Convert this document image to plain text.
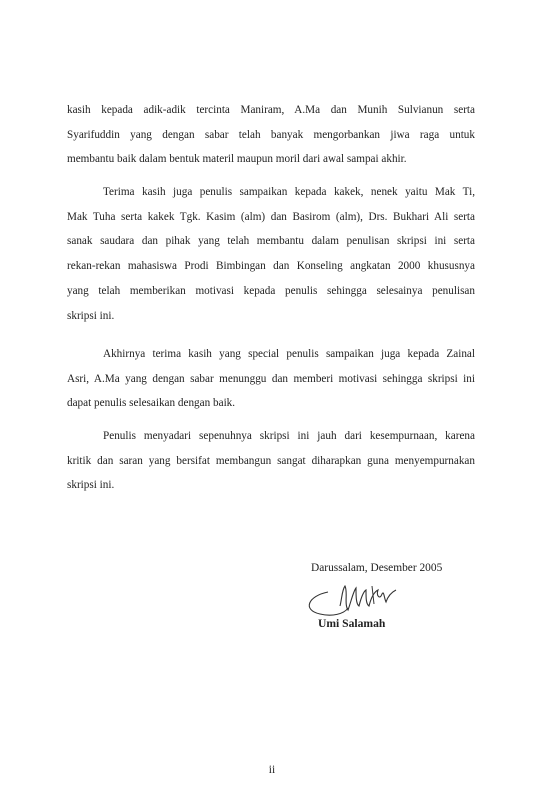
kasih kepada adik-adik tercinta Maniram, A.Ma dan Munih Sulvianun serta
Syarifuddin yang dengan sabar telah banyak mengorbankan jiwa raga untuk
membantu baik dalam bentuk materil maupun moril dari awal sampai akhir.
Terima kasih juga penulis sampaikan kepada kakek, nenek yaitu Mak Ti,
Mak Tuha serta kakek Tgk. Kasim (alm) dan Basirom (alm), Drs. Bukhari Ali serta
sanak saudara dan pihak yang telah membantu dalam penulisan skripsi ini serta
rekan-rekan mahasiswa Prodi Bimbingan dan Konseling angkatan 2000 khususnya
yang telah memberikan motivasi kepada penulis sehingga selesainya penulisan
skripsi ini.
Akhirnya terima kasih yang special penulis sampaikan juga kepada Zainal
Asri, A.Ma yang dengan sabar menunggu dan memberi motivasi sehingga skripsi ini
dapat penulis selesaikan dengan baik.
Penulis menyadari sepenuhnya skripsi ini jauh dari kesempurnaan, karena
kritik dan saran yang bersifat membangun sangat diharapkan guna menyempurnakan
skripsi ini.
Darussalam, Desember 2005
Umi Salamah
ii
